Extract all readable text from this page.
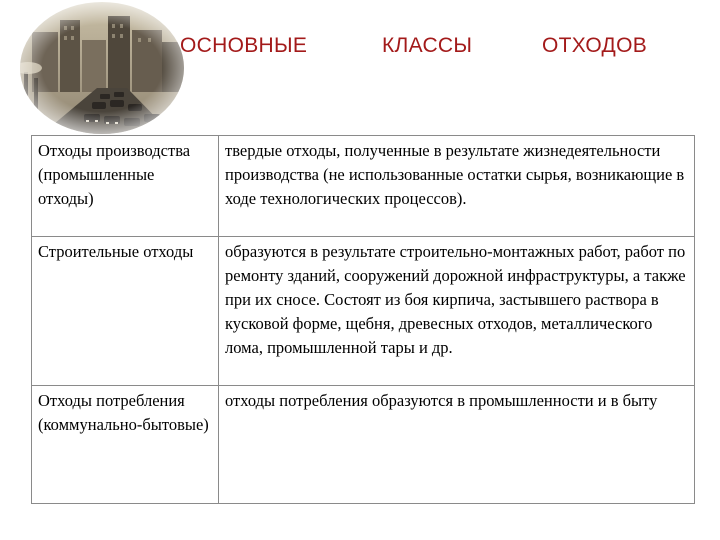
ОСНОВНЫЕ	КЛАССЫ	ОТХОДОВ
Отходы производства (промышленные отходы)	твердые отходы, полученные в результате жизнедеятельности производства (не использованные остатки сырья, возникающие в ходе технологических процессов).
Строительные отходы	образуются в результате строительно-монтажных работ, работ по ремонту зданий, сооружений дорожной инфраструктуры, а также при их сносе. Состоят из боя кирпича, застывшего раствора в кусковой форме, щебня, древесных отходов, металлического лома, промышленной тары и др.
Отходы потребления (коммунально-бытовые)	отходы потребления образуются в промышленности и в быту
